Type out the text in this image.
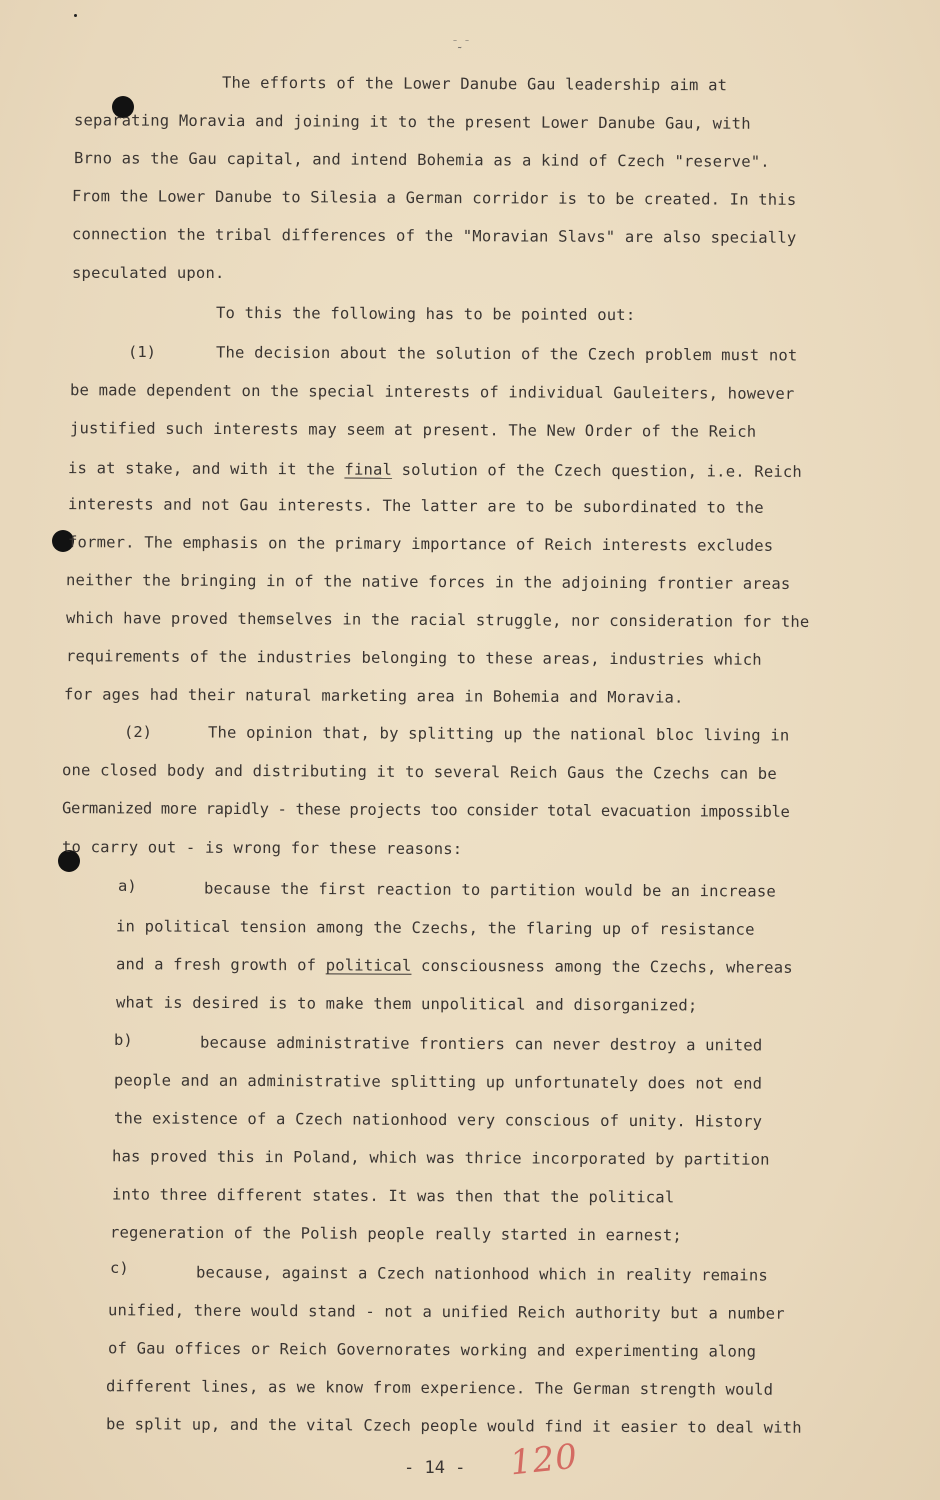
⁻˷⁻
The efforts of the Lower Danube Gau leadership aim at
separating Moravia and joining it to the present Lower Danube Gau, with
Brno as the Gau capital, and intend Bohemia as a kind of Czech "reserve".
From the Lower Danube to Silesia a German corridor is to be created. In this
connection the tribal differences of the "Moravian Slavs" are also specially
speculated upon.
To this the following has to be pointed out:
(1)	The decision about the solution of the Czech problem must not
be made dependent on the special interests of individual Gauleiters, however
justified such interests may seem at present. The New Order of the Reich
is at stake, and with it the final solution of the Czech question, i.e. Reich
interests and not Gau interests. The latter are to be subordinated to the
former. The emphasis on the primary importance of Reich interests excludes
neither the bringing in of the native forces in the adjoining frontier areas
which have proved themselves in the racial struggle, nor consideration for the
requirements of the industries belonging to these areas, industries which
for ages had their natural marketing area in Bohemia and Moravia.
(2)	The opinion that, by splitting up the national bloc living in
one closed body and distributing it to several Reich Gaus the Czechs can be
Germanized more rapidly - these projects too consider total evacuation impossible
to carry out - is wrong for these reasons:
a)	because the first reaction to partition would be an increase
in political tension among the Czechs, the flaring up of resistance
and a fresh growth of political consciousness among the Czechs, whereas
what is desired is to make them unpolitical and disorganized;
b)	because administrative frontiers can never destroy a united
people and an administrative splitting up unfortunately does not end
the existence of a Czech nationhood very conscious of unity. History
has proved this in Poland, which was thrice incorporated by partition
into three different states. It was then that the political
regeneration of the Polish people really started in earnest;
c)	because, against a Czech nationhood which in reality remains
unified, there would stand - not a unified Reich authority but a number
of Gau offices or Reich Governorates working and experimenting along
different lines, as we know from experience. The German strength would
be split up, and the vital Czech people would find it easier to deal with
- 14 - 120
